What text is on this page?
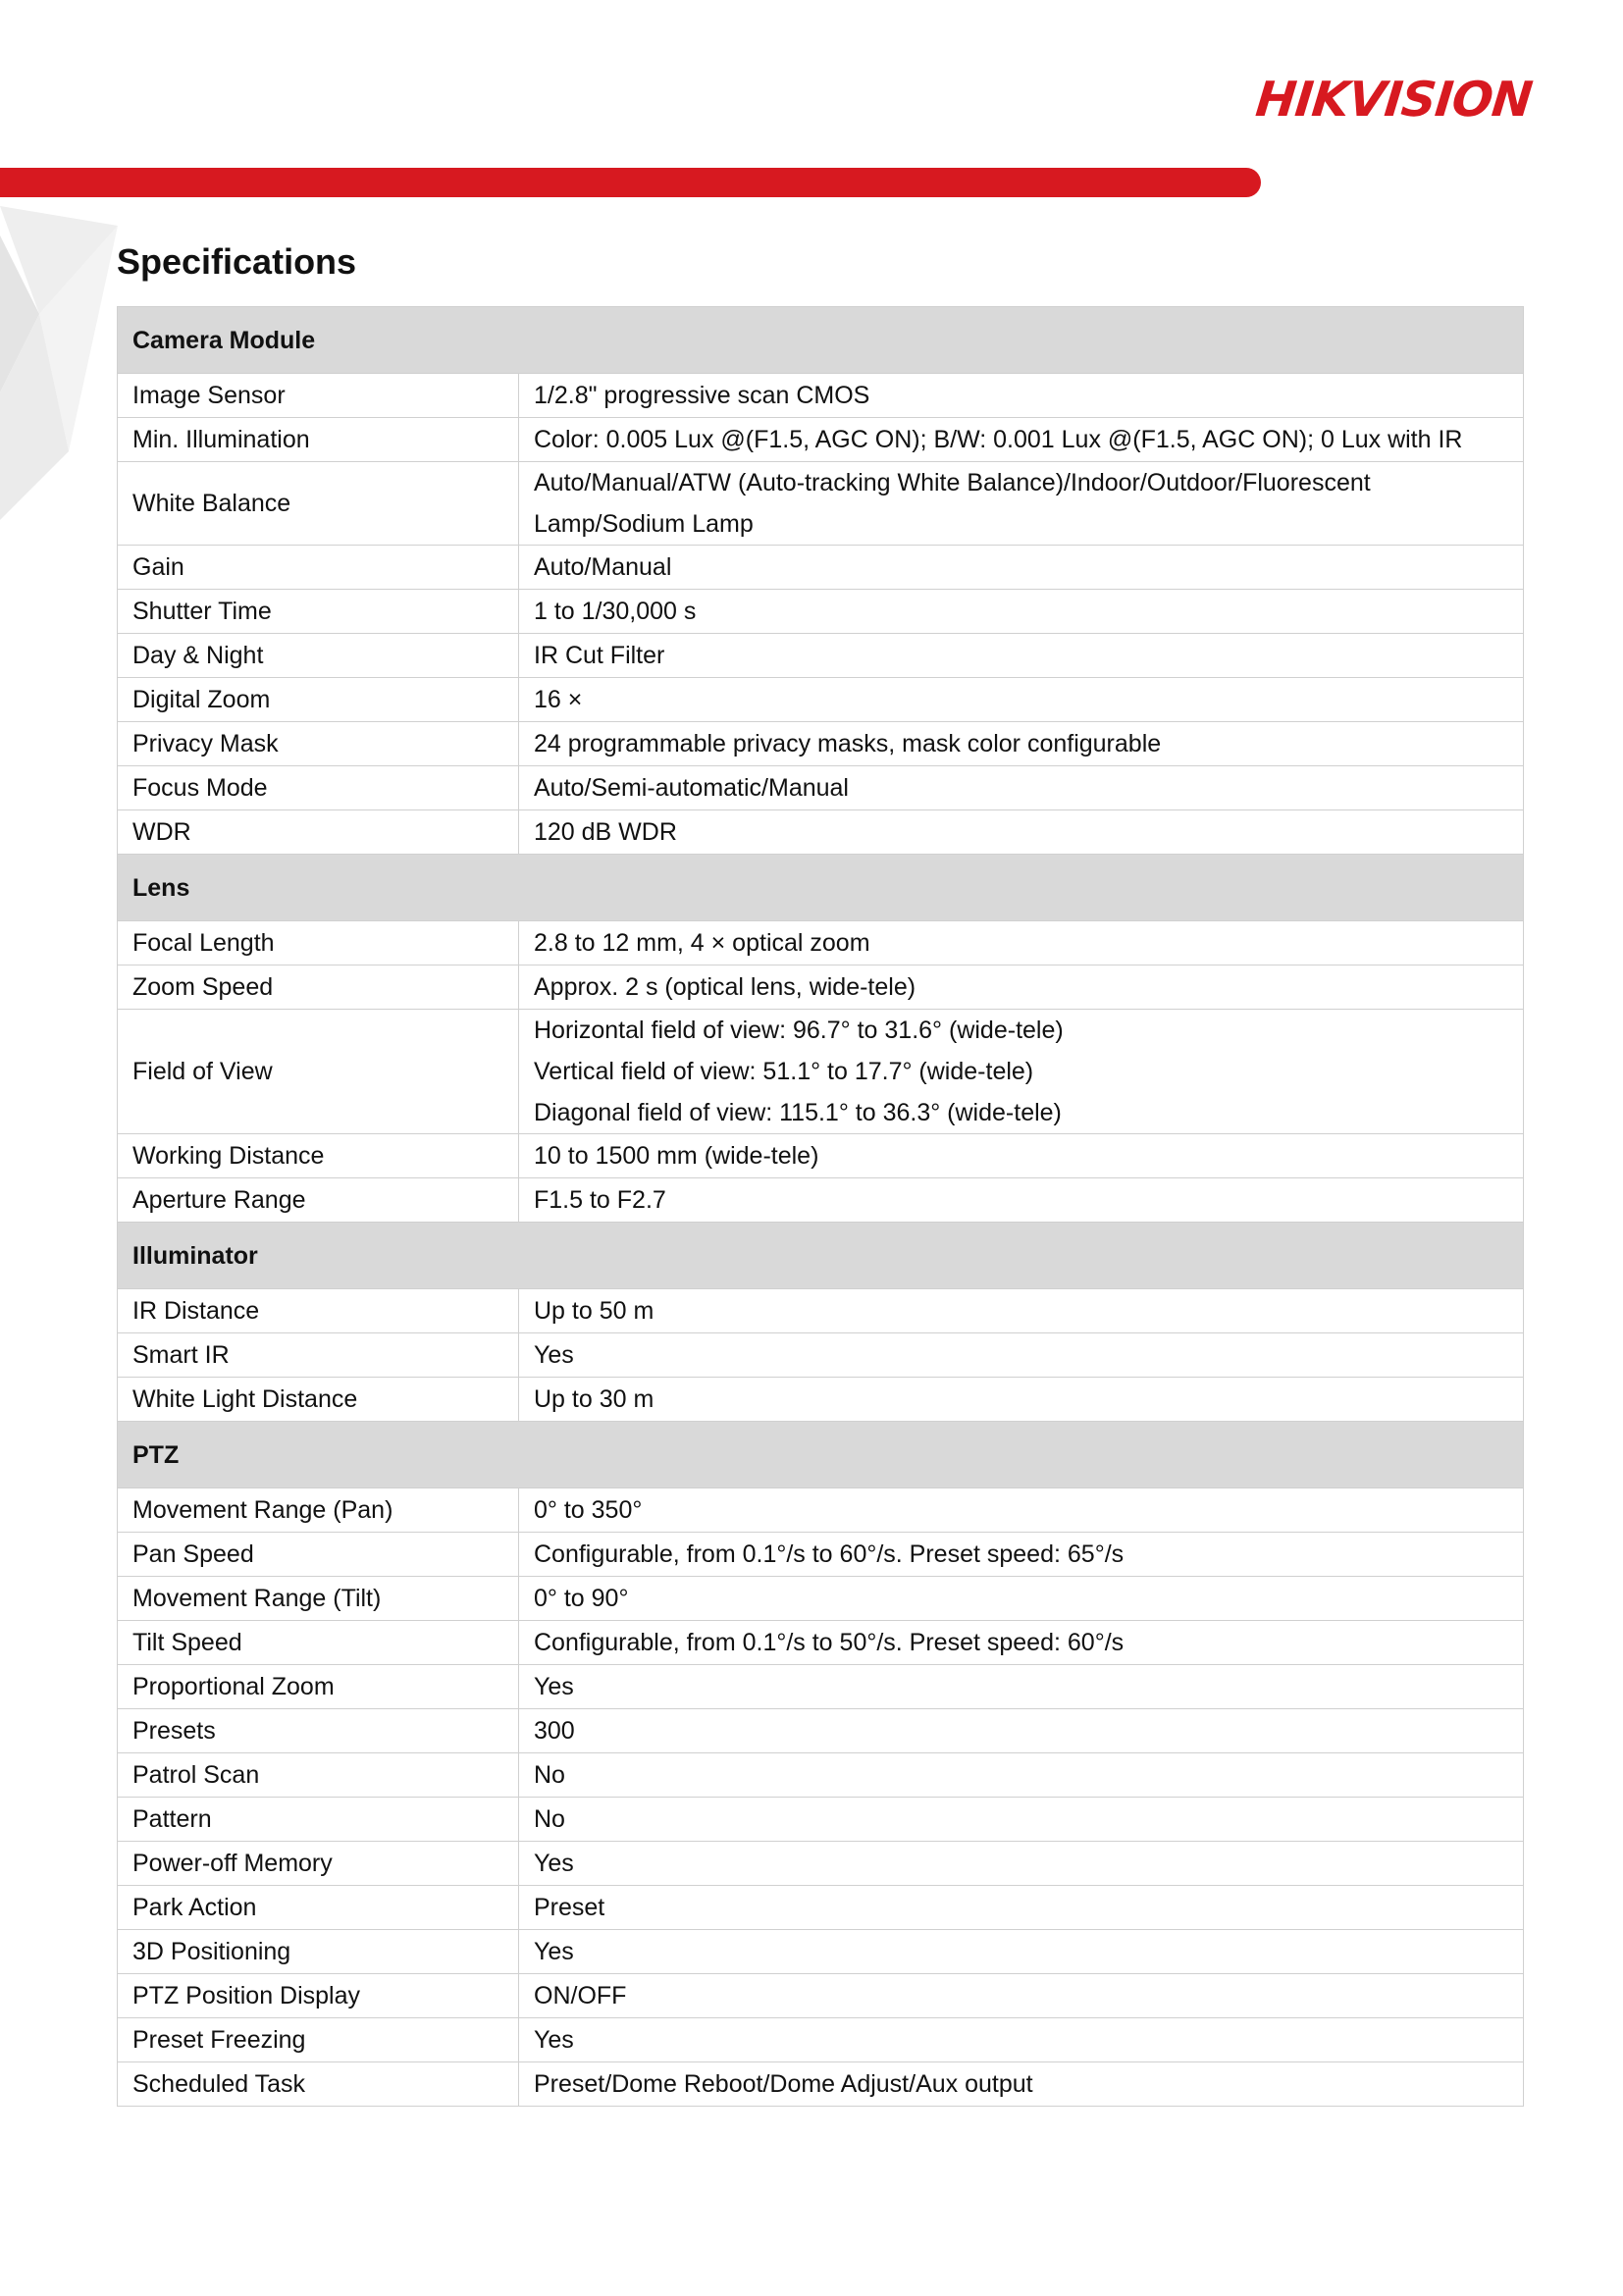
HIKVISION
Specifications
Camera Module	
Image Sensor	1/2.8" progressive scan CMOS

Min. Illumination	Color: 0.005 Lux @(F1.5, AGC ON); B/W: 0.001 Lux @(F1.5, AGC ON); 0 Lux with IR

White Balance	Auto/Manual/ATW (Auto-tracking White Balance)/Indoor/Outdoor/Fluorescent
Lamp/Sodium Lamp

Gain	Auto/Manual

Shutter Time	1 to 1/30,000 s

Day & Night	IR Cut Filter

Digital Zoom	16 ×

Privacy Mask	24 programmable privacy masks, mask color configurable

Focus Mode	Auto/Semi-automatic/Manual

WDR	120 dB WDR

Lens	
Focal Length	2.8 to 12 mm, 4 × optical zoom

Zoom Speed	Approx. 2 s (optical lens, wide-tele)

Field of View	Horizontal field of view: 96.7° to 31.6° (wide-tele)
Vertical field of view: 51.1° to 17.7° (wide-tele)
Diagonal field of view: 115.1° to 36.3° (wide-tele)

Working Distance	10 to 1500 mm (wide-tele)

Aperture Range	F1.5 to F2.7

Illuminator	
IR Distance	Up to 50 m

Smart IR	Yes

White Light Distance	Up to 30 m

PTZ	
Movement Range (Pan)	0° to 350°

Pan Speed	Configurable, from 0.1°/s to 60°/s. Preset speed: 65°/s

Movement Range (Tilt)	0° to 90°

Tilt Speed	Configurable, from 0.1°/s to 50°/s. Preset speed: 60°/s

Proportional Zoom	Yes

Presets	300

Patrol Scan	No

Pattern	No

Power-off Memory	Yes

Park Action	Preset

3D Positioning	Yes

PTZ Position Display	ON/OFF

Preset Freezing	Yes

Scheduled Task	Preset/Dome Reboot/Dome Adjust/Aux output
